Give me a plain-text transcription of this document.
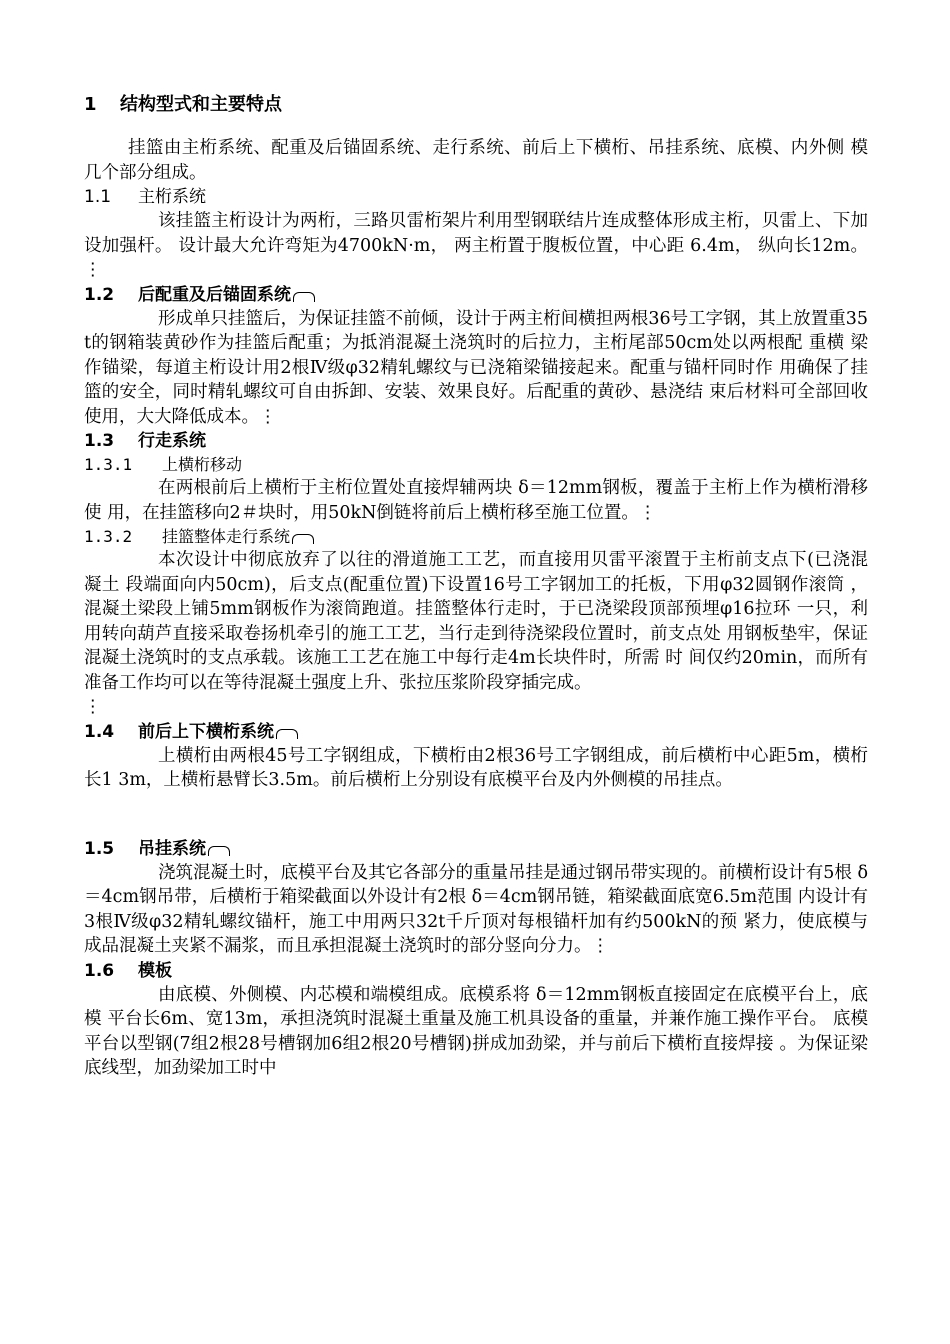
1 结构型式和主要特点

挂篮由主桁系统、配重及后锚固系统、走行系统、前后上下横桁、吊挂系统、底模、内外侧 模几个部分组成。

1.1 主桁系统

该挂篮主桁设计为两桁，三路贝雷桁架片利用型钢联结片连成整体形成主桁，贝雷上、下加设加强杆。 设计最大允许弯矩为4700kN·m， 两主桁置于腹板位置，中心距 6.4m， 纵向长12m。⋮

1.2 后配重及后锚固系统

形成单只挂篮后，为保证挂篮不前倾，设计于两主桁间横担两根36号工字钢，其上放置重35 t的钢箱装黄砂作为挂篮后配重；为抵消混凝土浇筑时的后拉力，主桁尾部50cm处以两根配 重横 梁作锚梁，每道主桁设计用2根Ⅳ级φ32精轧螺纹与已浇箱梁锚接起来。配重与锚杆同时作 用确保了挂篮的安全，同时精轧螺纹可自由拆卸、安装、效果良好。后配重的黄砂、悬浇结 束后材料可全部回收使用，大大降低成本。⋮

1.3 行走系统

1.3.1 上横桁移动

在两根前后上横桁于主桁位置处直接焊辅两块 δ＝12mm钢板，覆盖于主桁上作为横桁滑移使 用，在挂篮移向2＃块时，用50kN倒链将前后上横桁移至施工位置。⋮

1.3.2 挂篮整体走行系统

本次设计中彻底放弃了以往的滑道施工工艺，而直接用贝雷平滚置于主桁前支点下(已浇混 凝土 段端面向内50cm)，后支点(配重位置)下设置16号工字钢加工的托板，下用φ32圆钢作滚筒 ，混凝土梁段上铺5mm钢板作为滚筒跑道。挂篮整体行走时，于已浇梁段顶部预埋φ16拉环 一只，利用转向葫芦直接采取卷扬机牵引的施工工艺，当行走到待浇梁段位置时，前支点处 用钢板垫牢，保证混凝土浇筑时的支点承载。该施工工艺在施工中每行走4m长块件时，所需 时 间仅约20min，而所有准备工作均可以在等待混凝土强度上升、张拉压浆阶段穿插完成。

⋮

1.4 前后上下横桁系统

上横桁由两根45号工字钢组成，下横桁由2根36号工字钢组成，前后横桁中心距5m，横桁长1 3m，上横桁悬臂长3.5m。前后横桁上分别设有底模平台及内外侧模的吊挂点。

1.5 吊挂系统

浇筑混凝土时，底模平台及其它各部分的重量吊挂是通过钢吊带实现的。前横桁设计有5根 δ＝4cm钢吊带，后横桁于箱梁截面以外设计有2根 δ＝4cm钢吊链，箱梁截面底宽6.5m范围 内设计有3根Ⅳ级φ32精轧螺纹锚杆，施工中用两只32t千斤顶对每根锚杆加有约500kN的预 紧力，使底模与成品混凝土夹紧不漏浆，而且承担混凝土浇筑时的部分竖向分力。⋮

1.6 模板

由底模、外侧模、内芯模和端模组成。底模系将 δ＝12mm钢板直接固定在底模平台上，底模 平台长6m、宽13m，承担浇筑时混凝土重量及施工机具设备的重量，并兼作施工操作平台。 底模平台以型钢(7组2根28号槽钢加6组2根20号槽钢)拼成加劲梁，并与前后下横桁直接焊接 。为保证梁底线型，加劲梁加工时中
